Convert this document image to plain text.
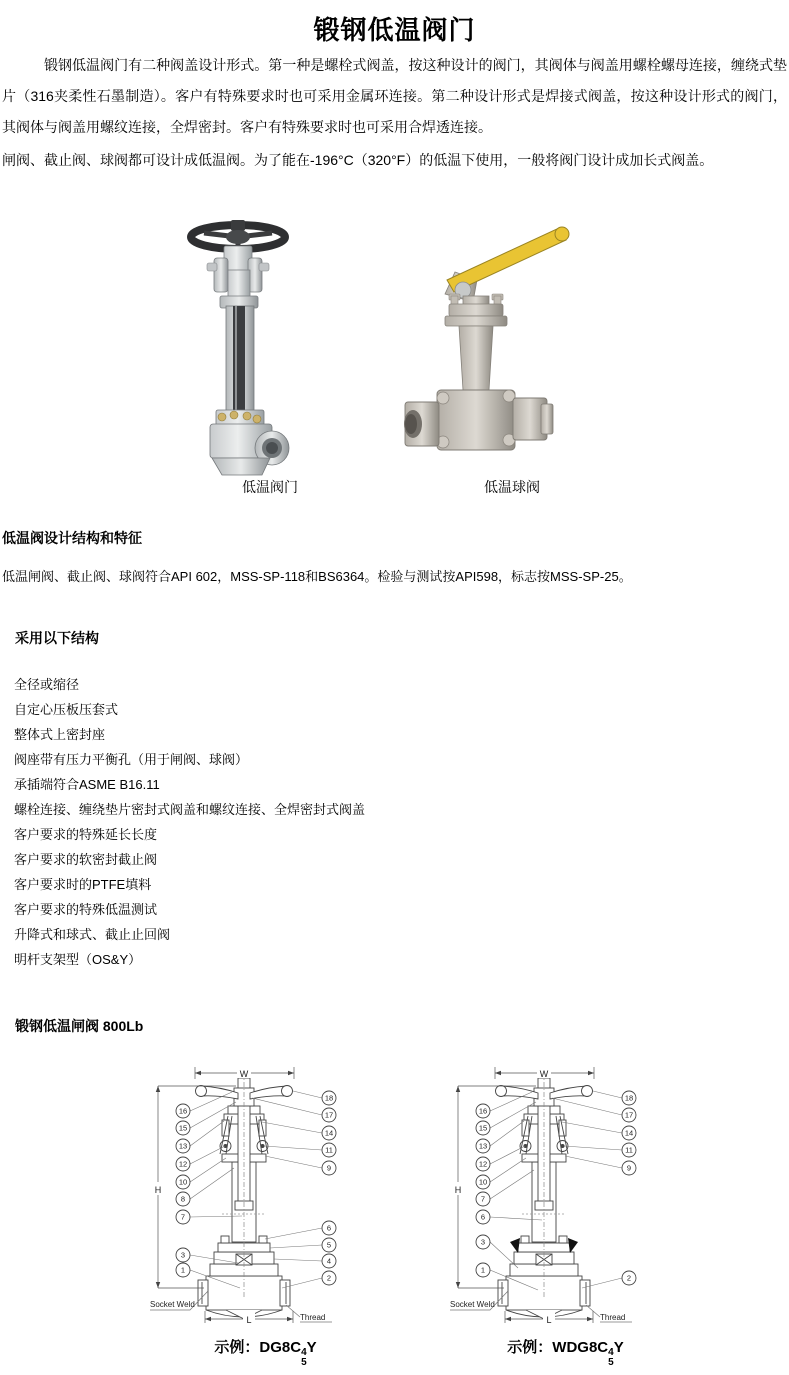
锻钢低温阀门
锻钢低温阀门有二种阀盖设计形式。第一种是螺栓式阀盖，按这种设计的阀门，其阀体与阀盖用螺栓螺母连接，缠绕式垫片（316夹柔性石墨制造）。客户有特殊要求时也可采用金属环连接。第二种设计形式是焊接式阀盖，按这种设计形式的阀门，其阀体与阀盖用螺纹连接，全焊密封。客户有特殊要求时也可采用合焊透连接。
闸阀、截止阀、球阀都可设计成低温阀。为了能在-196°C（320°F）的低温下使用，一般将阀门设计成加长式阀盖。
低温阀门	低温球阀
低温阀设计结构和特征
低温闸阀、截止阀、球阀符合API 602，MSS-SP-118和BS6364。检验与测试按API598，标志按MSS-SP-25。
采用以下结构
全径或缩径
自定心压板压套式
整体式上密封座
阀座带有压力平衡孔（用于闸阀、球阀）
承插端符合ASME B16.11
螺栓连接、缠绕垫片密封式阀盖和螺纹连接、全焊密封式阀盖
客户要求的特殊延长长度
客户要求的软密封截止阀
客户要求时的PTFE填料
客户要求的特殊低温测试
升降式和球式、截止止回阀
明杆支架型（OS&Y）
锻钢低温闸阀 800Lb
W
H
L
16
15
13
12
10
8
7
3
1
18
17
14
11
9
6
5
4
2
Socket Weld
Thread
W
H
L
16
15
13
12
10
7
6
3
1
18
17
14
11
9
2
Socket Weld
Thread
示例：DG8C 4
5
Y	示例：WDG8C 4
5
Y
